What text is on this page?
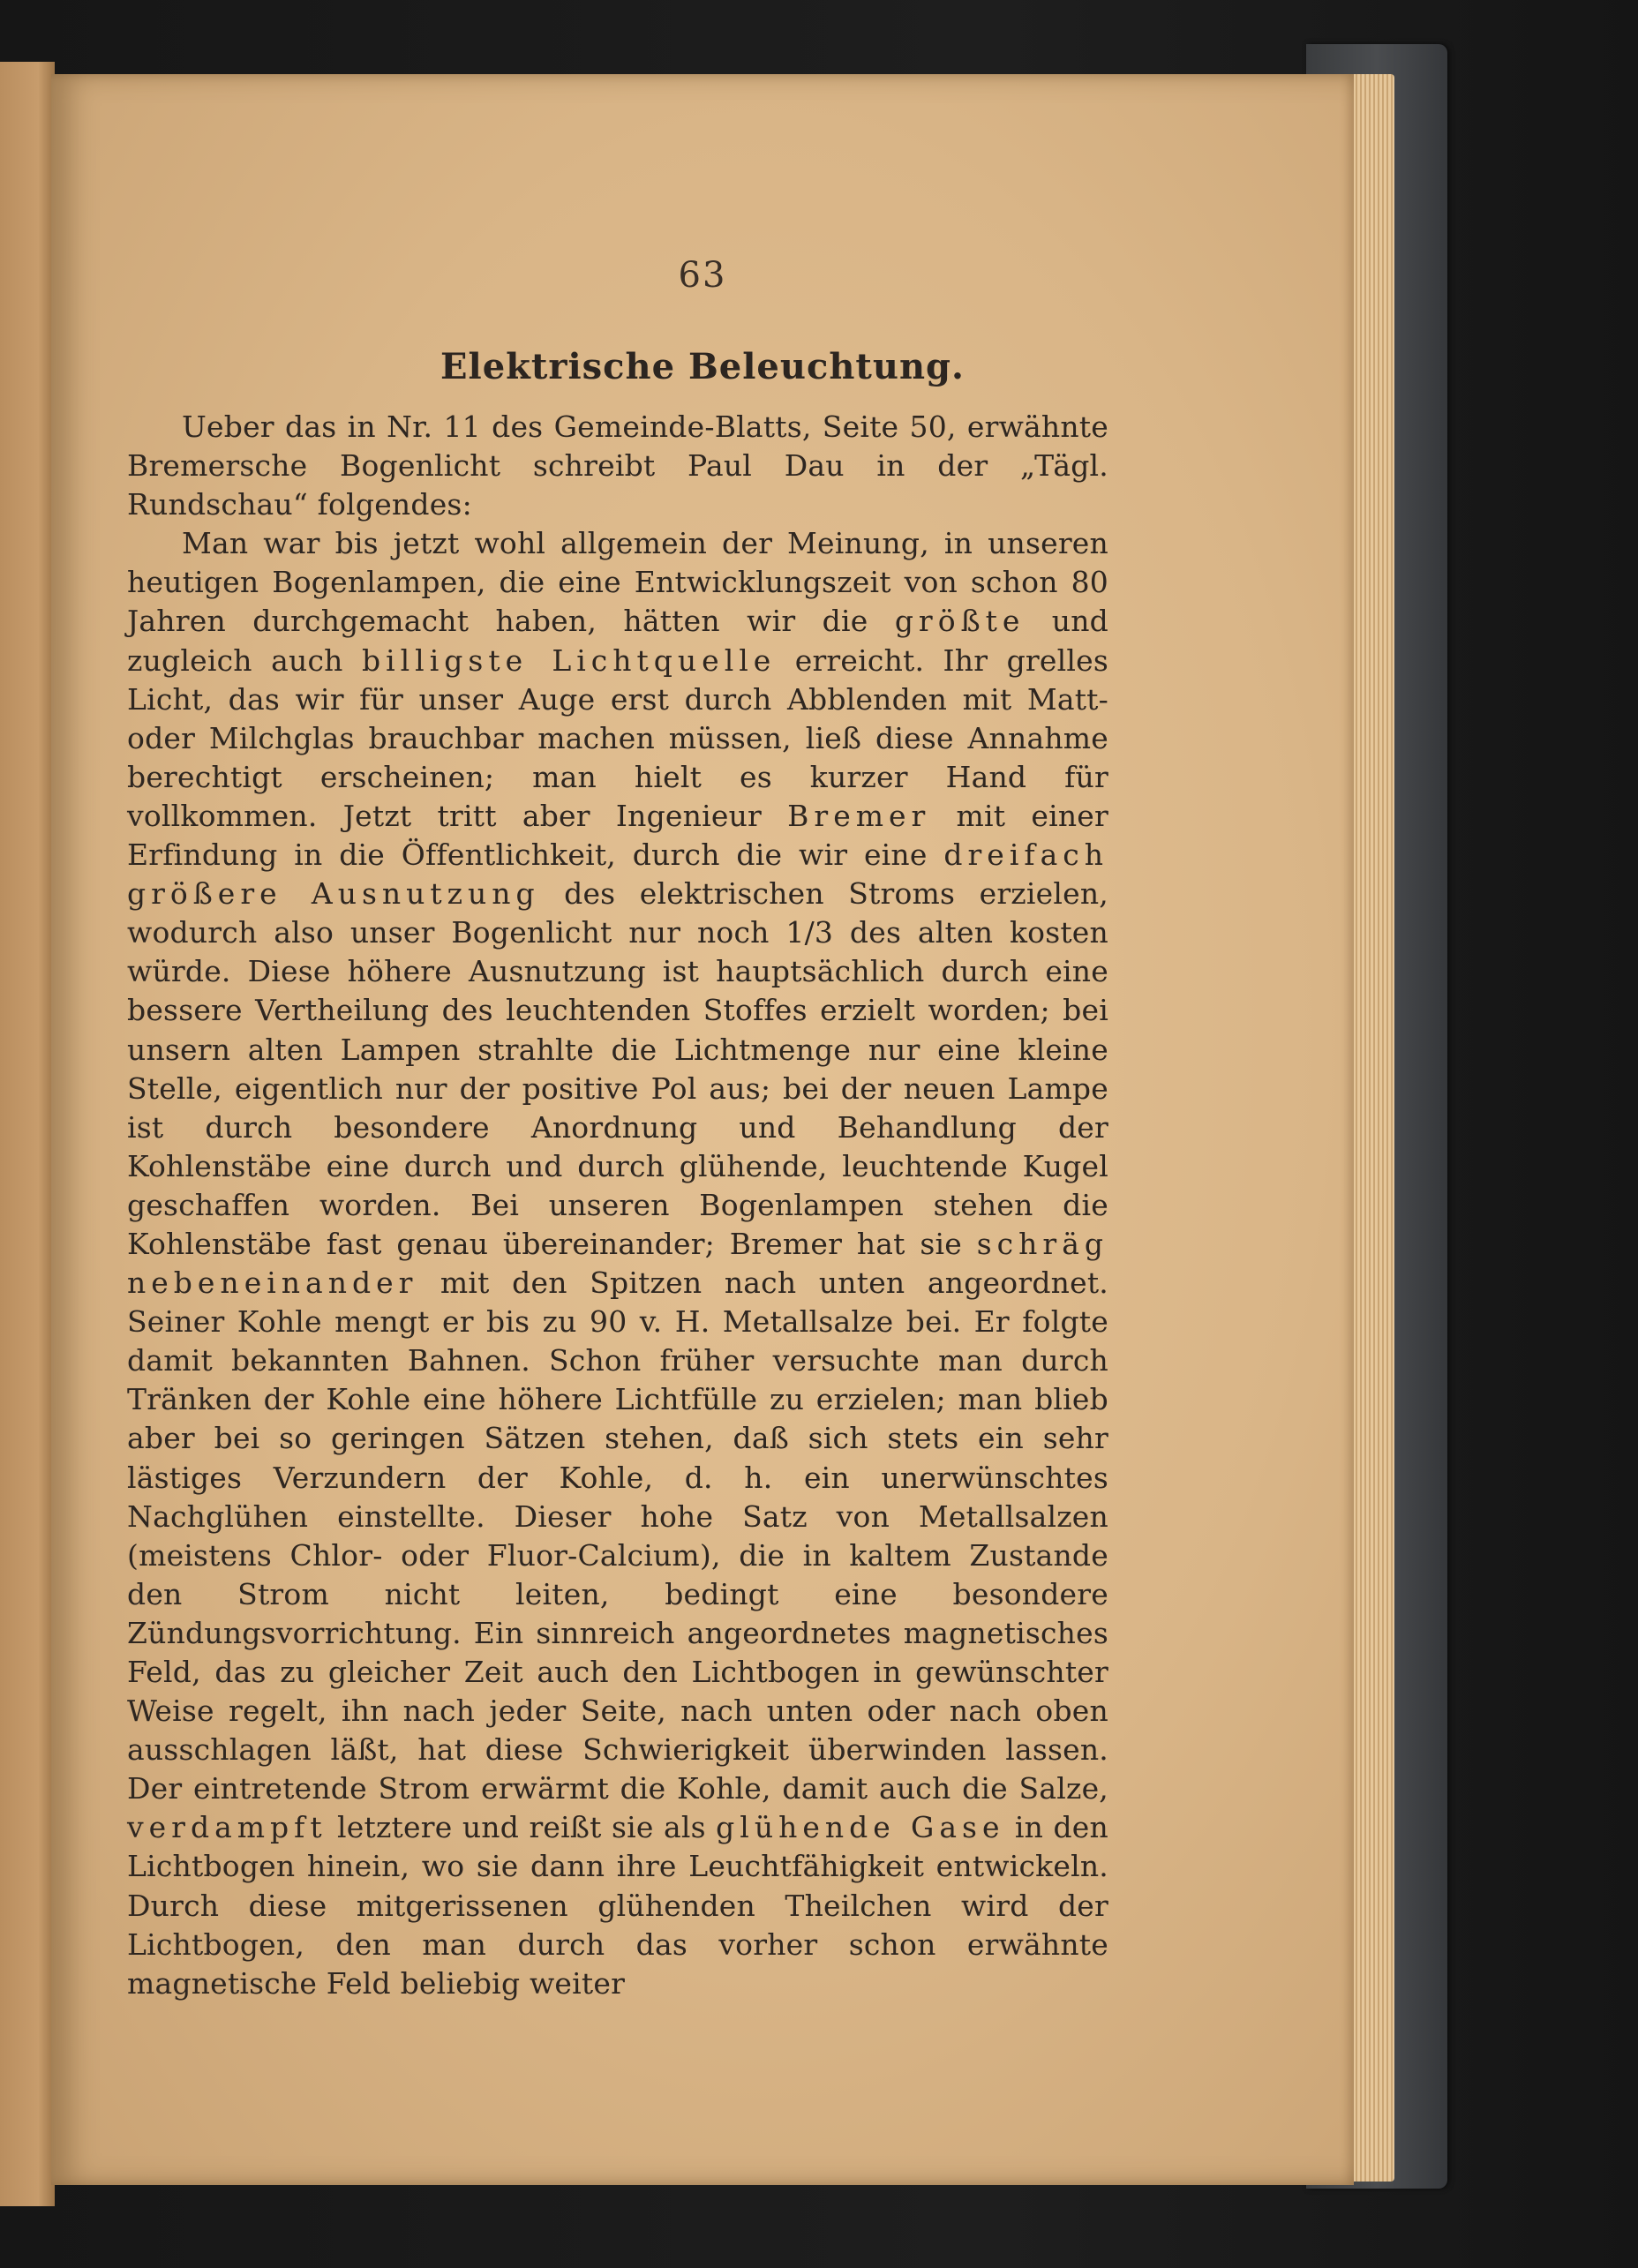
63
Elektrische Beleuchtung.

Ueber das in Nr. 11 des Gemeinde-Blatts, Seite 50, erwähnte Bremersche Bogenlicht schreibt Paul Dau in der „Tägl. Rundschau“ folgendes:

Man war bis jetzt wohl allgemein der Meinung, in unseren heutigen Bogenlampen, die eine Entwicklungszeit von schon 80 Jahren durchgemacht haben, hätten wir die größte und zugleich auch billigste Lichtquelle erreicht. Ihr grelles Licht, das wir für unser Auge erst durch Abblenden mit Matt- oder Milchglas brauchbar machen müssen, ließ diese Annahme berechtigt erscheinen; man hielt es kurzer Hand für vollkommen. Jetzt tritt aber Ingenieur Bremer mit einer Erfindung in die Öffentlichkeit, durch die wir eine dreifach größere Ausnutzung des elektrischen Stroms erzielen, wodurch also unser Bogenlicht nur noch 1/3 des alten kosten würde. Diese höhere Ausnutzung ist hauptsächlich durch eine bessere Vertheilung des leuchtenden Stoffes erzielt worden; bei unsern alten Lampen strahlte die Lichtmenge nur eine kleine Stelle, eigentlich nur der positive Pol aus; bei der neuen Lampe ist durch besondere Anordnung und Behandlung der Kohlenstäbe eine durch und durch glühende, leuchtende Kugel geschaffen worden. Bei unseren Bogenlampen stehen die Kohlenstäbe fast genau übereinander; Bremer hat sie schräg nebeneinander mit den Spitzen nach unten angeordnet. Seiner Kohle mengt er bis zu 90 v. H. Metallsalze bei. Er folgte damit bekannten Bahnen. Schon früher versuchte man durch Tränken der Kohle eine höhere Lichtfülle zu erzielen; man blieb aber bei so geringen Sätzen stehen, daß sich stets ein sehr lästiges Verzundern der Kohle, d. h. ein unerwünschtes Nachglühen einstellte. Dieser hohe Satz von Metallsalzen (meistens Chlor- oder Fluor-Calcium), die in kaltem Zustande den Strom nicht leiten, bedingt eine besondere Zündungsvorrichtung. Ein sinnreich angeordnetes magnetisches Feld, das zu gleicher Zeit auch den Lichtbogen in gewünschter Weise regelt, ihn nach jeder Seite, nach unten oder nach oben ausschlagen läßt, hat diese Schwierigkeit überwinden lassen. Der eintretende Strom erwärmt die Kohle, damit auch die Salze, verdampft letztere und reißt sie als glühende Gase in den Lichtbogen hinein, wo sie dann ihre Leuchtfähigkeit entwickeln. Durch diese mitgerissenen glühenden Theilchen wird der Lichtbogen, den man durch das vorher schon erwähnte magnetische Feld beliebig weiter
